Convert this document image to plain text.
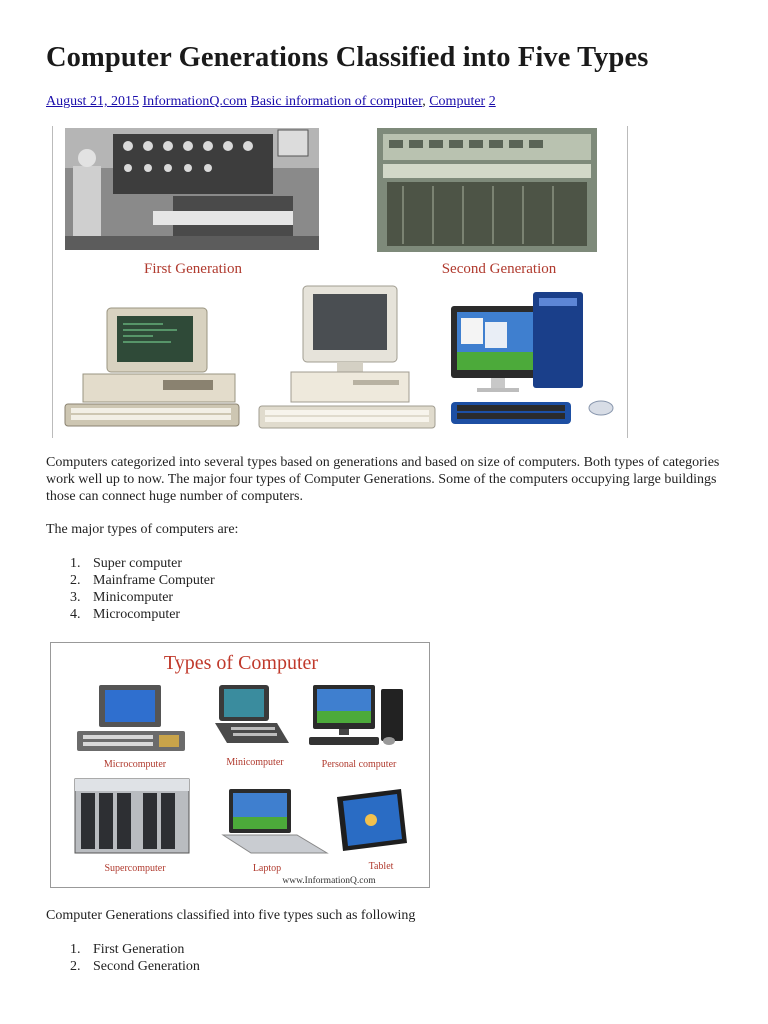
Computer Generations Classified into Five Types
August 21, 2015 InformationQ.com Basic information of computer, Computer 2
First Generation	Second Generation

Computers categorized into several types based on generations and based on size of computers. Both types of categories work well up to now. The major four types of Computer Generations. Some of the computers occupying large buildings those can connect huge number of computers.

The major types of computers are:

1. Super computer
2. Mainframe Computer
3. Minicomputer
4. Microcomputer
Types of Computer
Microcomputer	Minicomputer	Personal computer
Supercomputer	Laptop	Tablet
www.InformationQ.com

Computer Generations classified into five types such as following

1. First Generation
2. Second Generation
